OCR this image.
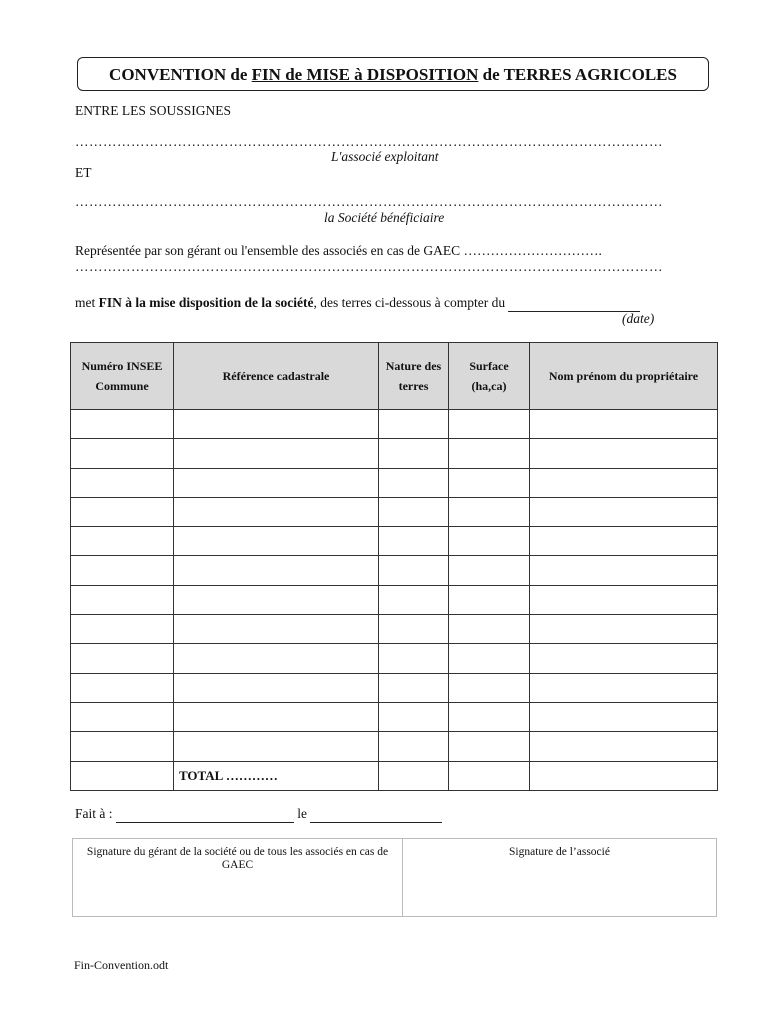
CONVENTION de FIN de MISE à DISPOSITION de TERRES AGRICOLES
ENTRE LES SOUSSIGNES
………………………………………………………………………………………………………………
L'associé exploitant
ET
………………………………………………………………………………………………………………
la Société bénéficiaire
Représentée par son gérant ou l'ensemble des associés en cas de GAEC ………………………….
………………………………………………………………………………………………………………
met FIN à la mise disposition de la société, des terres ci-dessous à compter du
(date)
Numéro INSEE Commune	Référence cadastrale	Nature des terres	Surface (ha,ca)	Nom prénom du propriétaire

	TOTAL …………			
Fait à :	le
Signature du gérant de la société ou de tous les associés en cas de GAEC
Signature de l’associé
Fin-Convention.odt
